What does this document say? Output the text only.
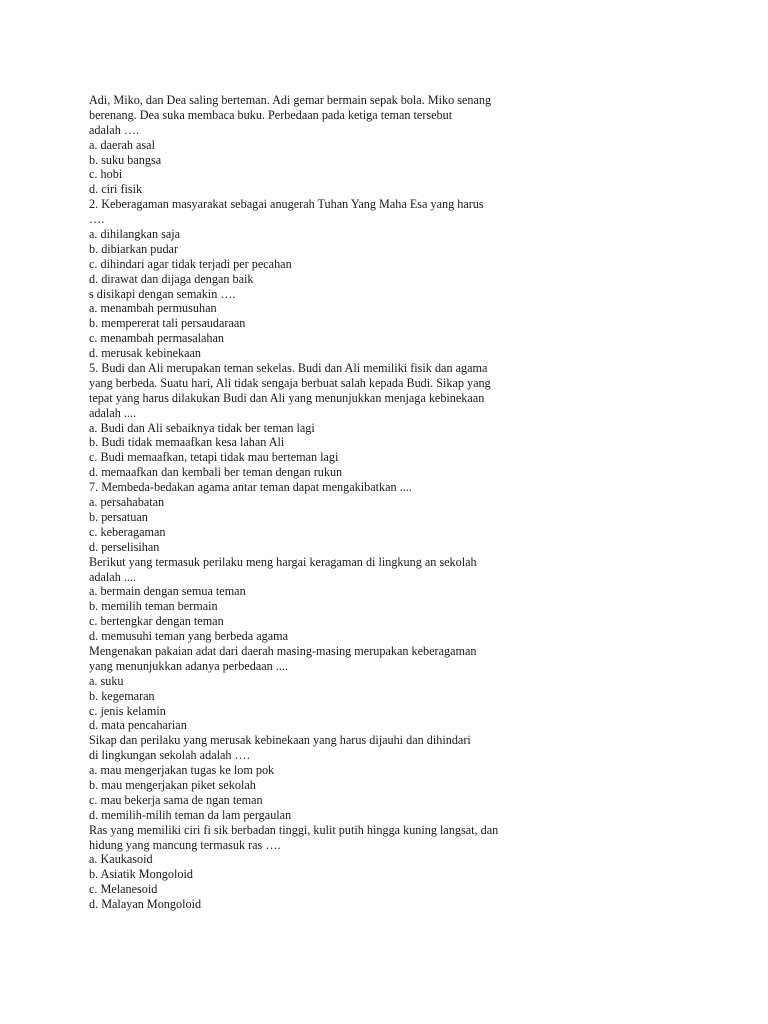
Adi, Miko, dan Dea saling berteman. Adi gemar bermain sepak bola. Miko senang
berenang. Dea suka membaca buku. Perbedaan pada ketiga teman tersebut
adalah ….
a. daerah asal
b. suku bangsa
c. hobi
d. ciri fisik
2. Keberagaman masyarakat sebagai anugerah Tuhan Yang Maha Esa yang harus
….
a. dihilangkan saja
b. dibiarkan pudar
c. dihindari agar tidak terjadi per pecahan
d. dirawat dan dijaga dengan baik
s disikapi dengan semakin ….
a. menambah permusuhan
b. mempererat tali persaudaraan
c. menambah permasalahan
d. merusak kebinekaan
5. Budi dan Ali merupakan teman sekelas. Budi dan Ali memiliki fisik dan agama
yang berbeda. Suatu hari, Ali tidak sengaja berbuat salah kepada Budi. Sikap yang
tepat yang harus dilakukan Budi dan Ali yang menunjukkan menjaga kebinekaan
adalah ....
a. Budi dan Ali sebaiknya tidak ber teman lagi
b. Budi tidak memaafkan kesa lahan Ali
c. Budi memaafkan, tetapi tidak mau berteman lagi
d. memaafkan dan kembali ber teman dengan rukun
7. Membeda-bedakan agama antar teman dapat mengakibatkan ....
a. persahabatan
b. persatuan
c. keberagaman
d. perselisihan
Berikut yang termasuk perilaku meng hargai keragaman di lingkung an sekolah
adalah ....
a. bermain dengan semua teman
b. memilih teman bermain
c. bertengkar dengan teman
d. memusuhi teman yang berbeda agama
Mengenakan pakaian adat dari daerah masing-masing merupakan keberagaman
yang menunjukkan adanya perbedaan ....
a. suku
b. kegemaran
c. jenis kelamin
d. mata pencaharian
Sikap dan perilaku yang merusak kebinekaan yang harus dijauhi dan dihindari
di lingkungan sekolah adalah ….
a. mau mengerjakan tugas ke lom pok
b. mau mengerjakan piket sekolah
c. mau bekerja sama de ngan teman
d. memilih-milih teman da lam pergaulan
Ras yang memiliki ciri fi sik berbadan tinggi, kulit putih hingga kuning langsat, dan
hidung yang mancung termasuk ras ….
a. Kaukasoid
b. Asiatik Mongoloid
c. Melanesoid
d. Malayan Mongoloid
